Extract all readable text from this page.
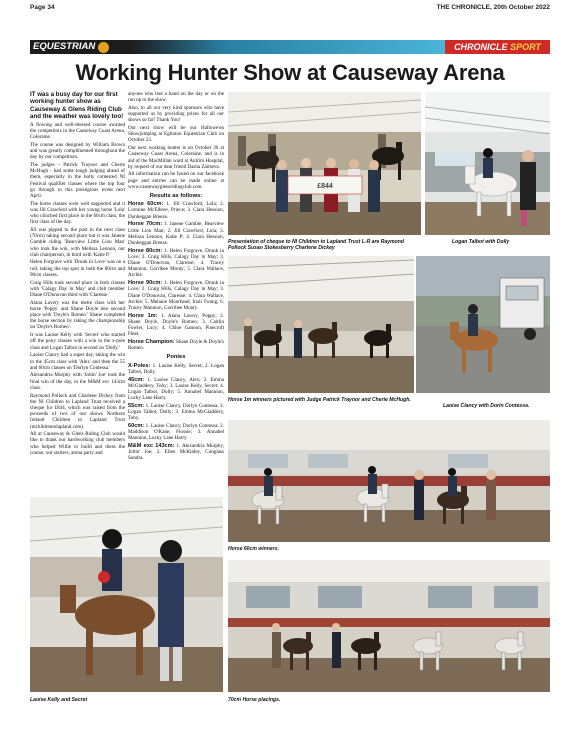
Page 34	THE CHRONICLE, 20th October 2022
EQUESTRIAN	CHRONICLE SPORT
Working Hunter Show at Causeway Arena

IT was a busy day for our first working hunter show as Causeway & Glens Riding Club and the weather was lovely too!

A flowing and well-dressed course awaited the competitors in the Causeway Coast Arena, Coleraine.

The course was designed by William Brown and was greatly complimented throughout the day by our competitors.

The judges - Patrick Traynor and Cherie McHugh - had some tough judging ahead of them, especially in the hotly contested NI Festival qualifier classes where the top four go through to this prestigious event next April.

The horse classes were well supported and it was Jill Crawford with her young horse 'Lola' who clinched first place in the 60cm class, the first class of the day.

Jill was pipped to the post in the next class (70cm) taking second place but it was Janene Gamble riding 'Bearview Little Lion Man' who took the win, with Melissa Lennon, our club chairperson, in third with 'Katie P.'

Helen Forgrave with 'Drunk in Love' was on a roll, taking the top spot in both the 80cm and 90cm classes.

Craig Hills took second place in both classes with 'Calagy Day in May' and club member Diane O'Donovan third with 'Claresse.'

Alana Lavery was the metre class with her horse 'Poppy' and Shane Doyle into second place with 'Doyle's Romeo.' Shane completed the horse section by taking the championship on 'Doyle's Romeo'.

It was Laoise Kelly with 'Secret' who started off the pony classes with a win in the x-pole class and Logan Talbot in second on 'Dolly.'

Laoise Clancy had a super day, taking the win in the 45cm class with 'Alex' and then the 55 and 60cm classes on 'Dorlyn Contessa.'

Alexandria Murphy with 'Joltin' Joe' took the final win of the day, in the M&M exc 143cm class.

Raymond Pollock and Charlene Dickey from the NI Children to Lapland Trust received a cheque for £844, which was raised from the proceeds of two of our shows Northern Ireland Children to Lapland Trust (nichildrentolapland.com).

All at Causeway & Glens Riding Club would like to thank our hardworking club members who helped Willie to build and dress the course, our starters, arena party and

anyone who lent a hand on the day or on the run up to the show.

Also, to all our very kind sponsors who have supported us by providing prizes for all our shows so far! Thank You!

Our next show will be our Hallowe'en Showjumping at Eglinton Equestrian Club on October 23.

Our next working hunter is on October 30 at Causeway Coast Arena, Coleraine, and is in aid of the MacMillan ward at Antrim Hospital, by request of our dear friend Dasha Zaitseva.

All information can be found on our facebook page and entries can be made online at www.causewayglensridingclub.com.

Results as follows:

Horse 60cm: 1. Jill Crawford, Lola; 2. Lorraine McElhree, Prince; 3. Ciara Hession, Dunbeggan Breeze.

Horse 70cm: 1. Janene Gamble, Bearview Little Lion Man; 2. Jill Crawford, Lola; 3. Melissa Lennon, Katie P; 4. Ciara Hession, Dunbeggan Breeze.

Horse 80cm: 1. Helen Forgrave, Drunk in Love; 2. Craig Hills, Calagy Day in May; 3. Diane O'Donovan, Claresse; 4. Tracey Mannion, Gorribee Monty; 5. Clara Wallace, Archie.

Horse 90cm: 1. Helen Forgrave, Drunk in Love; 2. Craig Hills, Calagy Day in May; 3. Diane O'Donovan, Claresse; 4. Clara Wallace, Archie; 5. Melanie Moorhead, Irish Twang; 6. Tracey Mannion, Gorribee Monty.

Horse 1m: 1. Alana Lavery, Poppy; 2. Shane Doyle, Doyle's Romeo; 3. Caitlin Fowler, Lucy; 4. Chloe Gannon, Pinecroft Fleet.

Horse Champion: Shane Doyle & Doyle's Romeo.

Ponies

X-Poles: 1. Laoise Kelly, Secret; 2. Logan Talbot, Dolly.

45cm: 1. Laoise Clancy, Alex; 2. Emma McGladdery, Toby; 3. Laoise Kelly, Secret; 4. Logan Talbot, Dolly; 5. Annabel Mannion, Lucky Lane Harry.

55cm: 1. Laoise Clancy, Dorlyn Contessa; 2. Logan Talbot, Dolly; 3. Emma McGladdery, Toby.

60cm: 1. Laoise Clancy, Dorlyn Contessa; 2. Maddison O'Kane, Flossie; 3. Annabel Mannion, Lucky Lane Harry.

M&M exc 143cm: 1. Alexandria Murphy, Joltin' Joe; 2. Ellen McKinley, Conglass Sundra.

£844
Presentation of cheque to NI Children to Lapland Trust L-R are Raymond Pollock Susan Stokesberry Charlene Dickey
Logan Talbot with Dolly
Horse 1m winners pictured with Judge Patrick Traynor and Cherie McHugh.
Laoise Clancy with Dorin Contessa.
Horse 60cm winners.
Laoise Kelly and Secret	70cm Horse placings.
